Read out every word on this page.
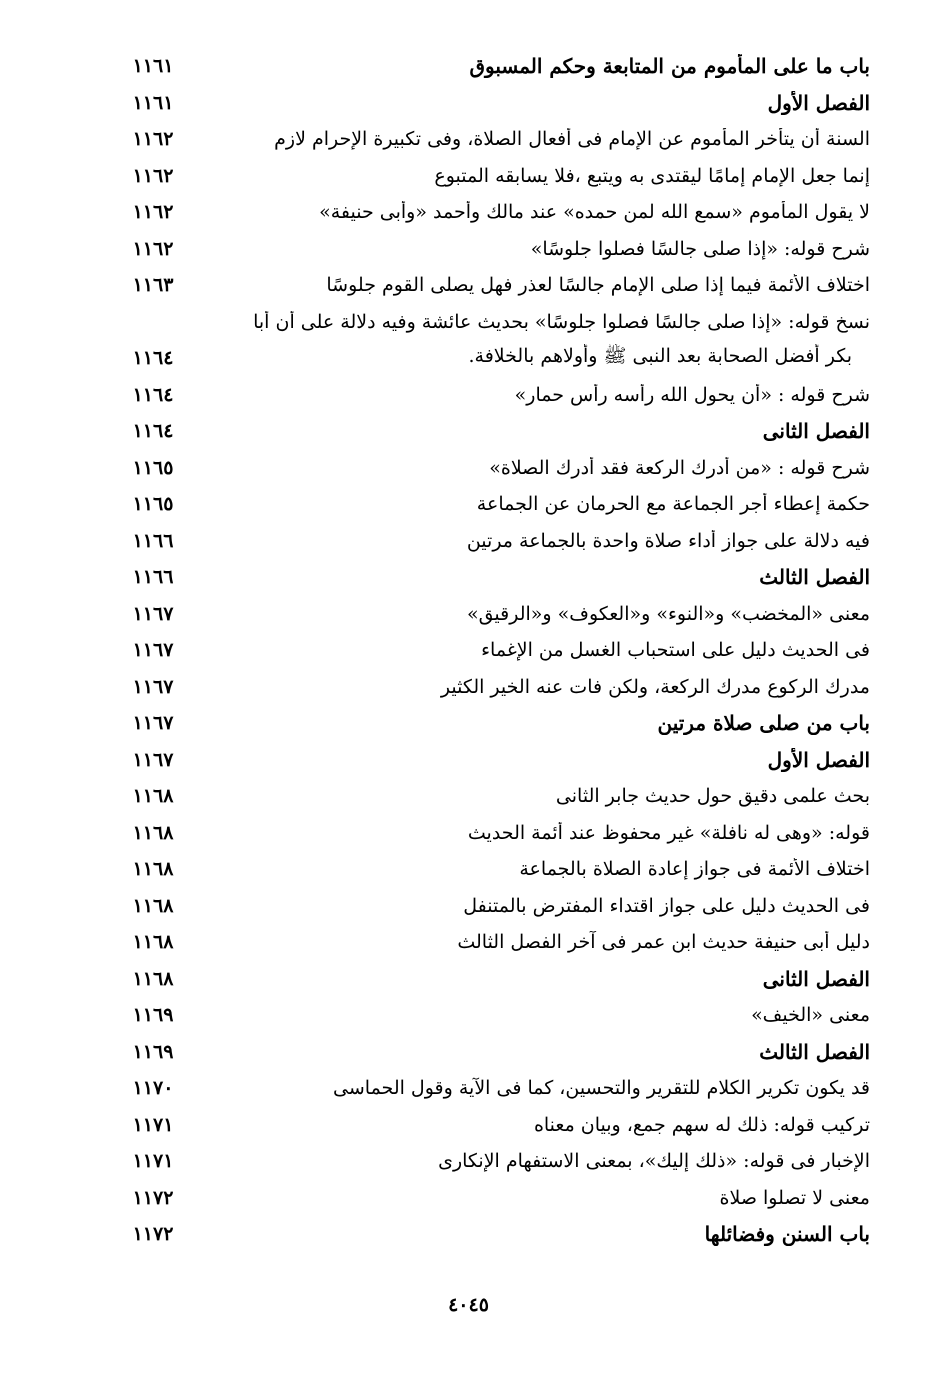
١١٦١	باب ما على المأموم من المتابعة وحكم المسبوق
١١٦١	الفصل الأول
١١٦٢	السنة أن يتأخر المأموم عن الإمام فى أفعال الصلاة، وفى تكبيرة الإحرام لازم
١١٦٢	إنما جعل الإمام إمامًا ليقتدى به ويتبع ،فلا يسابقه المتبوع
١١٦٢	لا يقول المأموم «سمع الله لمن حمده» عند مالك وأحمد «وأبى حنيفة»
١١٦٢	شرح قوله: «إذا صلى جالسًا فصلوا جلوسًا»
١١٦٣	اختلاف الأئمة فيما إذا صلى الإمام جالسًا لعذر فهل يصلى القوم جلوسًا
نسخ قوله: «إذا صلى جالسًا فصلوا جلوسًا» بحديث عائشة وفيه دلالة على أن أبا
١١٦٤	بكر أفضل الصحابة بعد النبى ﷺ وأولاهم بالخلافة.
١١٦٤	شرح قوله : «أن يحول الله رأسه رأس حمار»
١١٦٤	الفصل الثانى
١١٦٥	شرح قوله : «من أدرك الركعة فقد أدرك الصلاة»
١١٦٥	حكمة إعطاء أجر الجماعة مع الحرمان عن الجماعة
١١٦٦	فيه دلالة على جواز أداء صلاة واحدة بالجماعة مرتين
١١٦٦	الفصل الثالث
١١٦٧	معنى «المخضب» و«النوء» و«العكوف» و«الرقيق»
١١٦٧	فى الحديث دليل على استحباب الغسل من الإغماء
١١٦٧	مدرك الركوع مدرك الركعة، ولكن فات عنه الخير الكثير
١١٦٧	باب من صلى صلاة مرتين
١١٦٧	الفصل الأول
١١٦٨	بحث علمى دقيق حول حديث جابر الثانى
١١٦٨	قوله: «وهى له نافلة» غير محفوظ عند أئمة الحديث
١١٦٨	اختلاف الأئمة فى جواز إعادة الصلاة بالجماعة
١١٦٨	فى الحديث دليل على جواز اقتداء المفترض بالمتنفل
١١٦٨	دليل أبى حنيفة حديث ابن عمر فى آخر الفصل الثالث
١١٦٨	الفصل الثانى
١١٦٩	معنى «الخيف»
١١٦٩	الفصل الثالث
١١٧٠	قد يكون تكرير الكلام للتقرير والتحسين، كما فى الآية وقول الحماسى
١١٧١	تركيب قوله: ذلك له سهم جمع، وبيان معناه
١١٧١	الإخبار فى قوله: «ذلك إليك»، بمعنى الاستفهام الإنكارى
١١٧٢	معنى لا تصلوا صلاة
١١٧٢	باب السنن وفضائلها
٤٠٤٥
